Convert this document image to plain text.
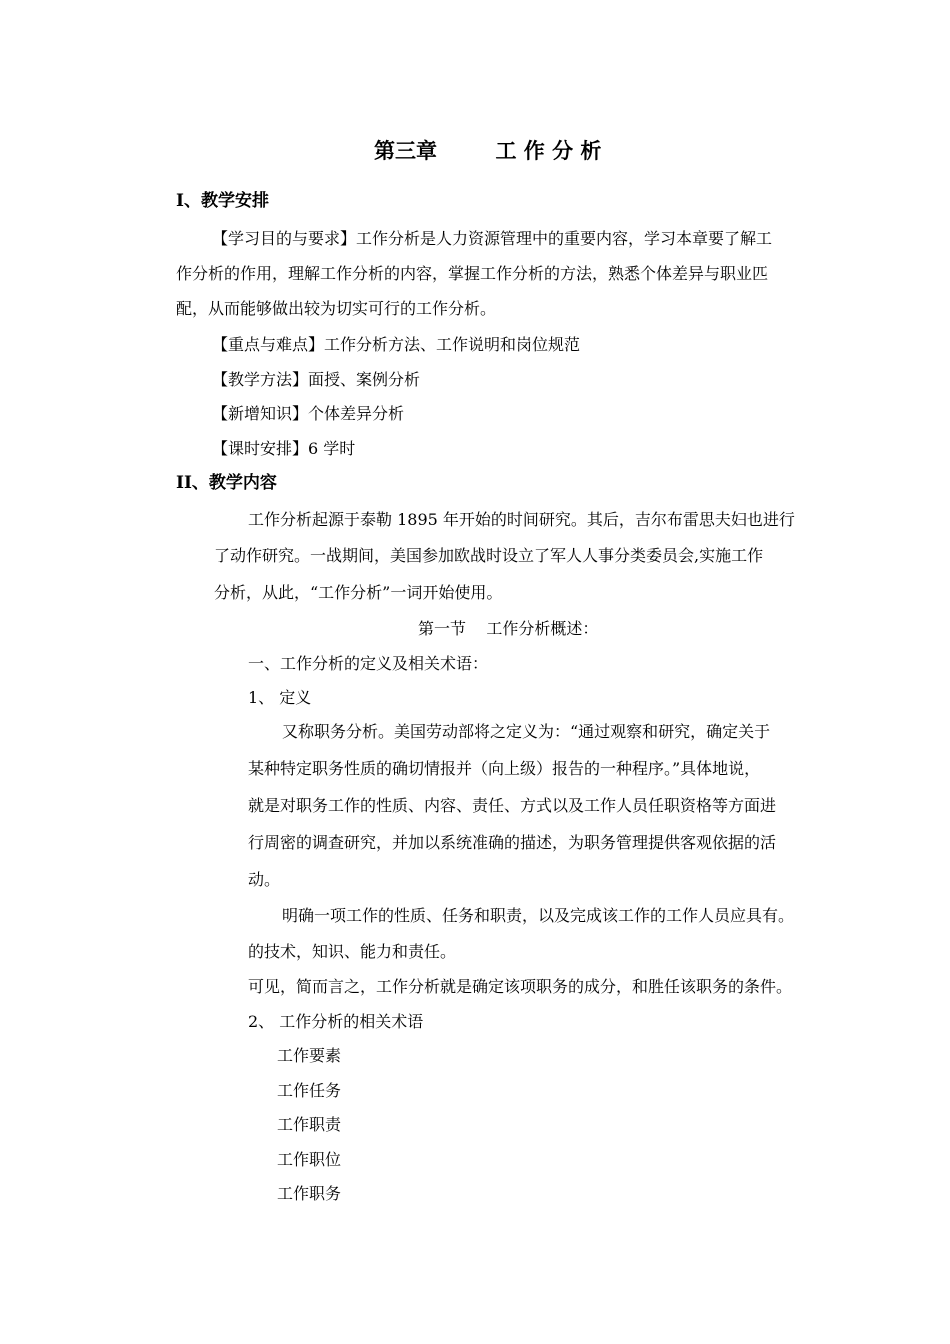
第三章        工 作 分 析
I、教学安排
【学习目的与要求】工作分析是人力资源管理中的重要内容，学习本章要了解工
作分析的作用，理解工作分析的内容，掌握工作分析的方法，熟悉个体差异与职业匹
配，从而能够做出较为切实可行的工作分析。
【重点与难点】工作分析方法、工作说明和岗位规范
【教学方法】面授、案例分析
【新增知识】个体差异分析
【课时安排】6 学时
II、教学内容
工作分析起源于泰勒 1895 年开始的时间研究。其后，吉尔布雷思夫妇也进行
了动作研究。一战期间，美国参加欧战时设立了军人人事分类委员会,实施工作
分析，从此，“工作分析”一词开始使用。
第一节    工作分析概述：
一、工作分析的定义及相关术语：
1、 定义
又称职务分析。美国劳动部将之定义为：“通过观察和研究，确定关于
某种特定职务性质的确切情报并（向上级）报告的一种程序。”具体地说，
就是对职务工作的性质、内容、责任、方式以及工作人员任职资格等方面进
行周密的调查研究，并加以系统准确的描述，为职务管理提供客观依据的活
动。
明确一项工作的性质、任务和职责，以及完成该工作的工作人员应具有。
的技术，知识、能力和责任。
可见，简而言之，工作分析就是确定该项职务的成分，和胜任该职务的条件。
2、 工作分析的相关术语
工作要素
工作任务
工作职责
工作职位
工作职务
